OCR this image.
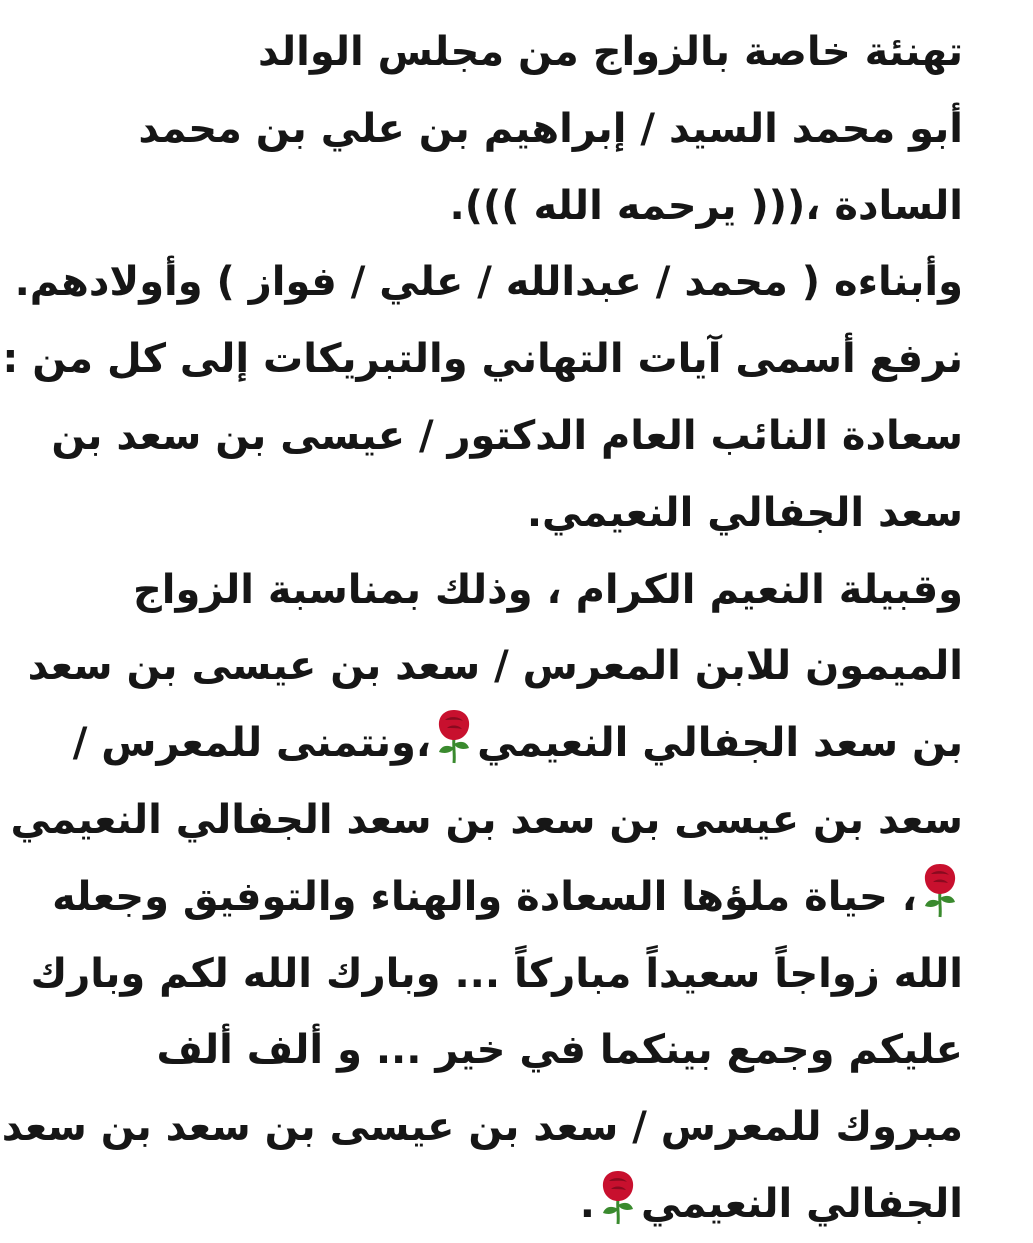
تهنئة خاصة بالزواج من مجلس الوالد
أبو محمد السيد / إبراهيم بن علي بن محمد
السادة ،((( يرحمه الله ))).
وأبناءه ( محمد / عبدالله / علي / فواز ) وأولادهم.
نرفع أسمى آيات التهاني والتبريكات إلى كل من :
سعادة النائب العام الدكتور / عيسى بن سعد بن
سعد الجفالي النعيمي.
وقبيلة النعيم الكرام ، وذلك بمناسبة الزواج
الميمون للابن المعرس / سعد بن عيسى بن سعد
بن سعد الجفالي النعيمي،ونتمنى للمعرس /
سعد بن عيسى بن سعد بن سعد الجفالي النعيمي
، حياة ملؤها السعادة والهناء والتوفيق وجعله
الله زواجاً سعيداً مباركاً ... وبارك الله لكم وبارك
عليكم وجمع بينكما في خير ... و ألف ألف
مبروك للمعرس / سعد بن عيسى بن سعد بن سعد
الجفالي النعيمي.
